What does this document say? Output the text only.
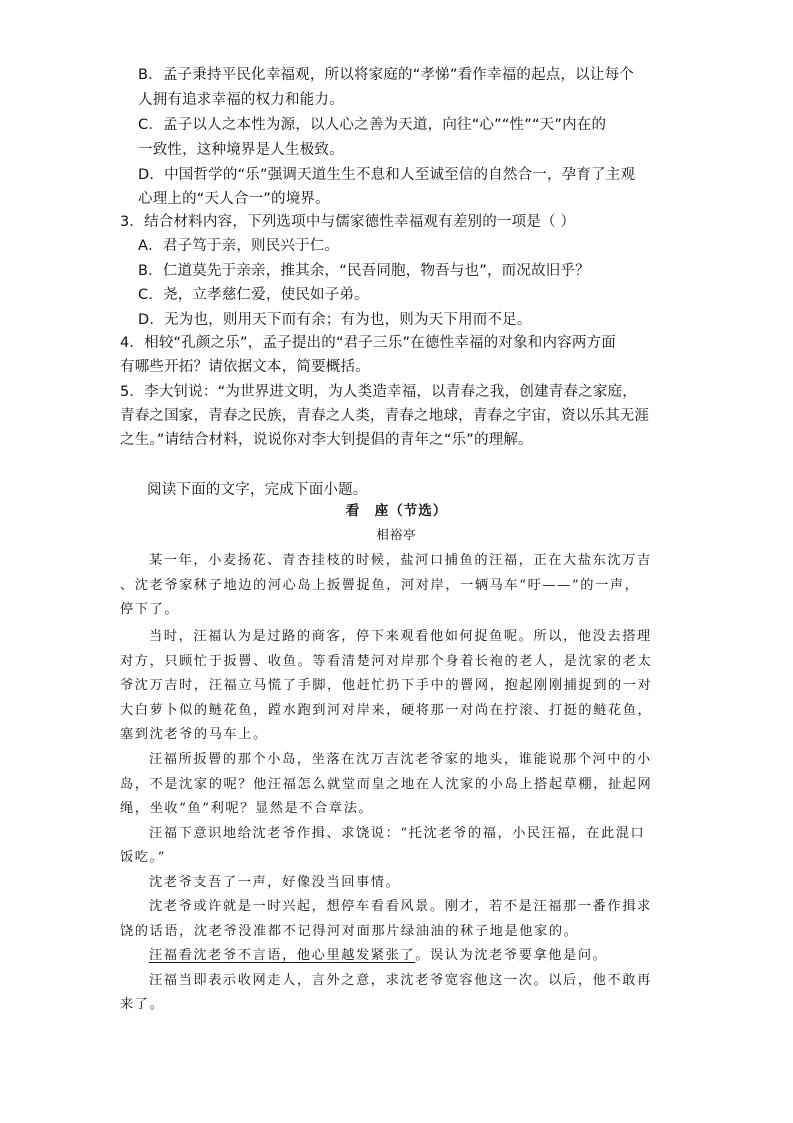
B．孟子秉持平民化幸福观，所以将家庭的“孝悌”看作幸福的起点，以让每个
人拥有追求幸福的权力和能力。
C．孟子以人之本性为源，以人心之善为天道，向往“心”“性”“天”内在的
一致性，这种境界是人生极致。
D．中国哲学的“乐”强调天道生生不息和人至诚至信的自然合一，孕育了主观
心理上的“天人合一”的境界。
3．结合材料内容，下列选项中与儒家德性幸福观有差别的一项是（ ）
A．君子笃于亲，则民兴于仁。
B．仁道莫先于亲亲，推其余，“民吾同胞，物吾与也”，而况故旧乎？
C．尧，立孝慈仁爱，使民如子弟。
D．无为也，则用天下而有余；有为也，则为天下用而不足。
4．相较“孔颜之乐”，孟子提出的“君子三乐”在德性幸福的对象和内容两方面
有哪些开拓？请依据文本，简要概括。
5．李大钊说：“为世界进文明，为人类造幸福，以青春之我，创建青春之家庭，
青春之国家，青春之民族，青春之人类，青春之地球，青春之宇宙，资以乐其无涯
之生。”请结合材料，说说你对李大钊提倡的青年之“乐”的理解。
阅读下面的文字，完成下面小题。
看　座（节选）
相裕亭
某一年，小麦扬花、青杏挂枝的时候，盐河口捕鱼的汪福，正在大盐东沈万吉
、沈老爷家秫子地边的河心岛上扳罾捉鱼，河对岸，一辆马车“吁——”的一声，
停下了。
当时，汪福认为是过路的商客，停下来观看他如何捉鱼呢。所以，他没去搭理
对方，只顾忙于扳罾、收鱼。等看清楚河对岸那个身着长袍的老人，是沈家的老太
爷沈万吉时，汪福立马慌了手脚，他赶忙扔下手中的罾网，抱起刚刚捕捉到的一对
大白萝卜似的鲢花鱼，蹚水跑到河对岸来，硬将那一对尚在拧滚、打挺的鲢花鱼，
塞到沈老爷的马车上。
汪福所扳罾的那个小岛，坐落在沈万吉沈老爷家的地头，谁能说那个河中的小
岛，不是沈家的呢？他汪福怎么就堂而皇之地在人沈家的小岛上搭起草棚，扯起网
绳，坐收“鱼”利呢？显然是不合章法。
汪福下意识地给沈老爷作揖、求饶说：“托沈老爷的福，小民汪福，在此混口
饭吃。”
沈老爷支吾了一声，好像没当回事情。
沈老爷或许就是一时兴起，想停车看看风景。刚才，若不是汪福那一番作揖求
饶的话语，沈老爷没准都不记得河对面那片绿油油的秫子地是他家的。
汪福看沈老爷不言语，他心里越发紧张了。误认为沈老爷要拿他是问。
汪福当即表示收网走人，言外之意，求沈老爷宽容他这一次。以后，他不敢再
来了。
